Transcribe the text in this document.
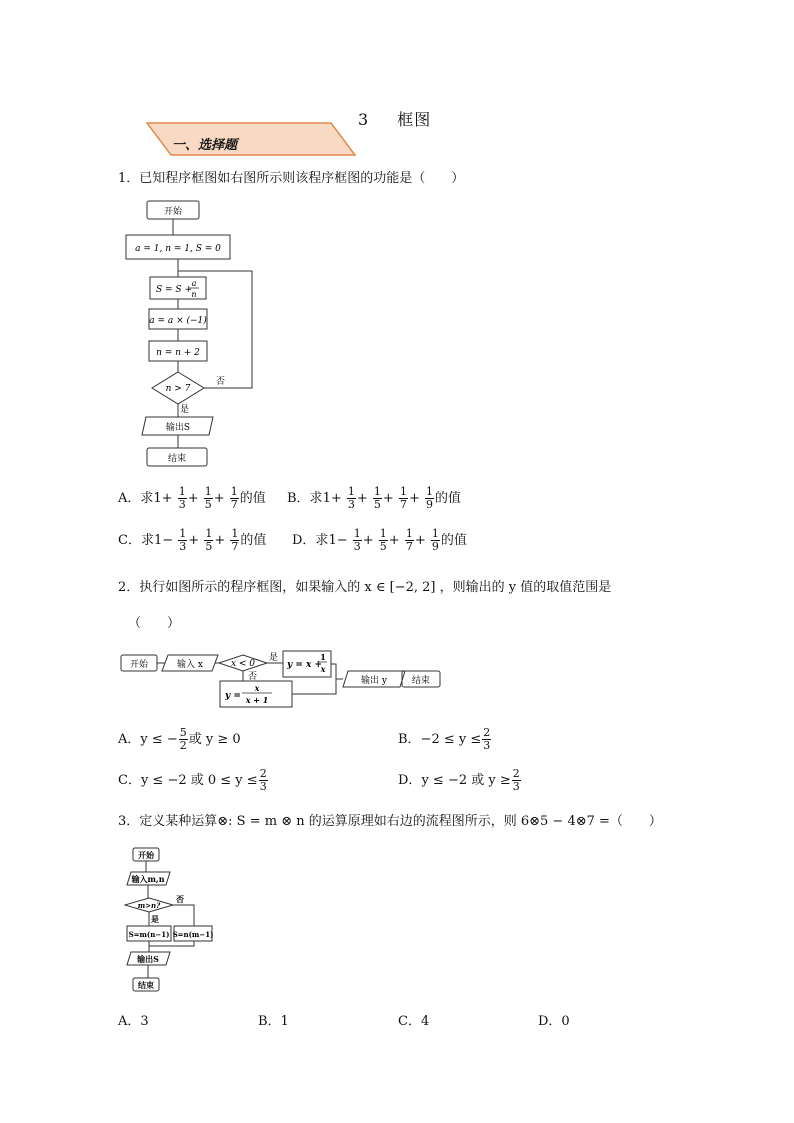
3 框图
一、选择题
1．已知程序框图如右图所示则该程序框图的功能是（　　）
开始
a = 1, n = 1, S = 0
S = S +
a
n
a = a × (−1)
n = n + 2
n > 7
否
是
输出S
结束
A．求$1+ \frac{1}{3} + \frac{1}{5} + \frac{1}{7}$ 的值 B．求$1+ \frac{1}{3} + \frac{1}{5} + \frac{1}{7} + \frac{1}{9}$ 的值
C．求$1- \frac{1}{3} + \frac{1}{5} + \frac{1}{7}$ 的值 D．求$1- \frac{1}{3} + \frac{1}{5} + \frac{1}{7} + \frac{1}{9}$ 的值
2．执行如图所示的程序框图，如果输入的 x ∈ [−2, 2] ，则输出的 y 值的取值范围是
（　　）
开始	输入 x	x < 0
是
否
y = x +
1
x
y =
x
x + 1
输出 y	结束
A．y ≤ − $\frac{5}{2}$ 或 y ≥ 0	B．$-2 \le y \le \frac{2}{3}$
C．y ≤ −2 或 $0 \le y \le \frac{2}{3}$	D．y ≤ −2 或 $y \ge \frac{2}{3}$
3．定义某种运算⊗: S = m ⊗ n 的运算原理如右边的流程图所示，则 6⊗5 − 4⊗7 =（　　）
开始
输入m,n
m>n?
否
是
S=m(n−1) S=n(m−1)
输出S
结束
A．3	B．1	C．4	D．0
